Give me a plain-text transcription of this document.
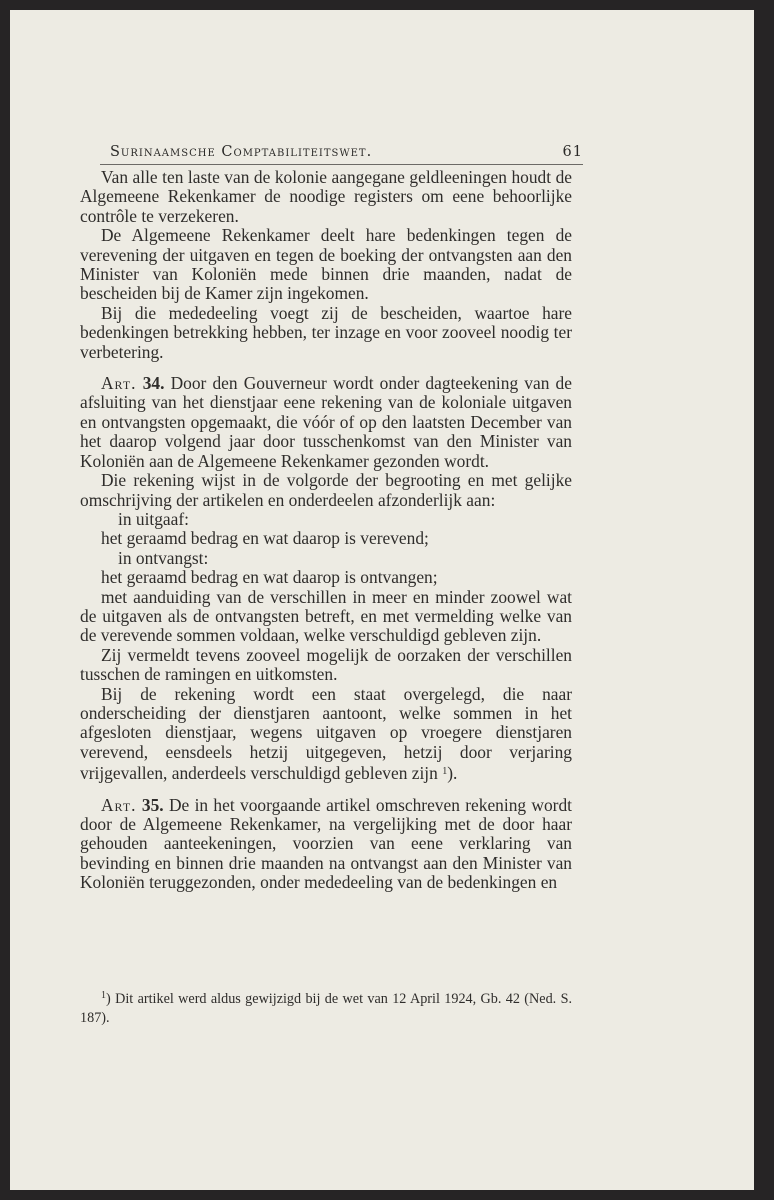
Surinaamsche Comptabiliteitswet.	61

Van alle ten laste van de kolonie aangegane geldleeningen houdt de Algemeene Rekenkamer de noodige registers om eene behoorlijke contrôle te verzekeren.

De Algemeene Rekenkamer deelt hare bedenkingen tegen de verevening der uitgaven en tegen de boeking der ontvangsten aan den Minister van Koloniën mede binnen drie maanden, nadat de bescheiden bij de Kamer zijn ingekomen.

Bij die mededeeling voegt zij de bescheiden, waartoe hare bedenkingen betrekking hebben, ter inzage en voor zooveel noodig ter verbetering.

Art. 34. Door den Gouverneur wordt onder dagteekening van de afsluiting van het dienstjaar eene rekening van de koloniale uitgaven en ontvangsten opgemaakt, die vóór of op den laatsten December van het daarop volgend jaar door tusschenkomst van den Minister van Koloniën aan de Algemeene Rekenkamer gezonden wordt.

Die rekening wijst in de volgorde der begrooting en met gelijke omschrijving der artikelen en onderdeelen afzonderlijk aan:

in uitgaaf:

het geraamd bedrag en wat daarop is verevend;

in ontvangst:

het geraamd bedrag en wat daarop is ontvangen;

met aanduiding van de verschillen in meer en minder zoowel wat de uitgaven als de ontvangsten betreft, en met vermelding welke van de verevende sommen voldaan, welke verschuldigd gebleven zijn.

Zij vermeldt tevens zooveel mogelijk de oorzaken der verschillen tusschen de ramingen en uitkomsten.

Bij de rekening wordt een staat overgelegd, die naar onderscheiding der dienstjaren aantoont, welke sommen in het afgesloten dienstjaar, wegens uitgaven op vroegere dienstjaren verevend, eensdeels hetzij uitgegeven, hetzij door verjaring vrijgevallen, anderdeels verschuldigd gebleven zijn $^1$).

Art. 35. De in het voorgaande artikel omschreven rekening wordt door de Algemeene Rekenkamer, na vergelijking met de door haar gehouden aanteekeningen, voorzien van eene verklaring van bevinding en binnen drie maanden na ontvangst aan den Minister van Koloniën teruggezonden, onder mededeeling van de bedenkingen en

$^1$) Dit artikel werd aldus gewijzigd bij de wet van 12 April 1924, Gb. 42 (Ned. S. 187).
